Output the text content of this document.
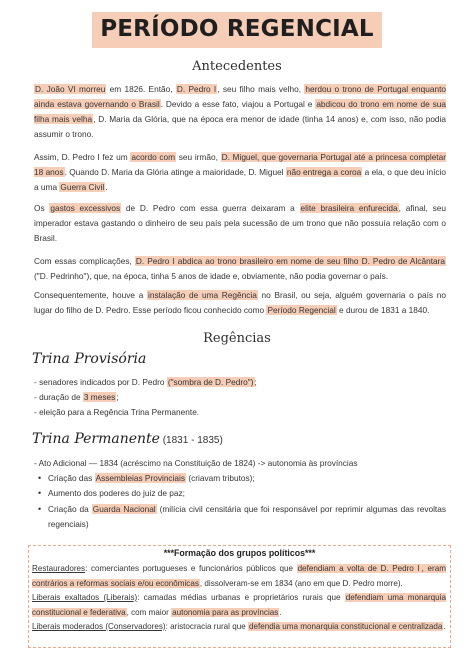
PERÍODO REGENCIAL
Antecedentes
D. João VI morreu em 1826. Então, D. Pedro I, seu filho mais velho, herdou o trono de Portugal enquanto ainda estava governando o Brasil. Devido a esse fato, viajou a Portugal e abdicou do trono em nome de sua filha mais velha, D. Maria da Glória, que na época era menor de idade (tinha 14 anos) e, com isso, não podia assumir o trono.
Assim, D. Pedro I fez um acordo com seu irmão, D. Miguel, que governaria Portugal até a princesa completar 18 anos. Quando D. Maria da Glória atinge a maioridade, D. Miguel não entrega a coroa a ela, o que deu início a uma Guerra Civil.
Os gastos excessivos de D. Pedro com essa guerra deixaram a elite brasileira enfurecida, afinal, seu imperador estava gastando o dinheiro de seu país pela sucessão de um trono que não possuía relação com o Brasil.
Com essas complicações, D. Pedro I abdica ao trono brasileiro em nome de seu filho D. Pedro de Alcântara ("D. Pedrinho"), que, na época, tinha 5 anos de idade e, obviamente, não podia governar o país.
Consequentemente, houve a instalação de uma Regência no Brasil, ou seja, alguém governaria o país no lugar do filho de D. Pedro. Esse período ficou conhecido como Período Regencial e durou de 1831 a 1840.
Regências
Trina Provisória
- senadores indicados por D. Pedro ("sombra de D. Pedro");
- duração de 3 meses;
- eleição para a Regência Trina Permanente.
Trina Permanente (1831 - 1835)
- Ato Adicional — 1834 (acréscimo na Constituição de 1824) -> autonomia às províncias
• Criação das Assembleias Provinciais (criavam tributos);
• Aumento dos poderes do juiz de paz;
• Criação da Guarda Nacional (milícia civil censitária que foi responsável por reprimir algumas das revoltas regenciais)
***Formação dos grupos políticos***
Restauradores: comerciantes portugueses e funcionários públicos que defendiam a volta de D. Pedro I , eram contrários a reformas sociais e/ou econômicas, dissolveram-se em 1834 (ano em que D. Pedro morre).
Liberais exaltados (Liberais): camadas médias urbanas e proprietários rurais que defendiam uma monarquia constitucional e federativa, com maior autonomia para as províncias.
Liberais moderados (Conservadores): aristocracia rural que defendia uma monarquia constitucional e centralizada.
